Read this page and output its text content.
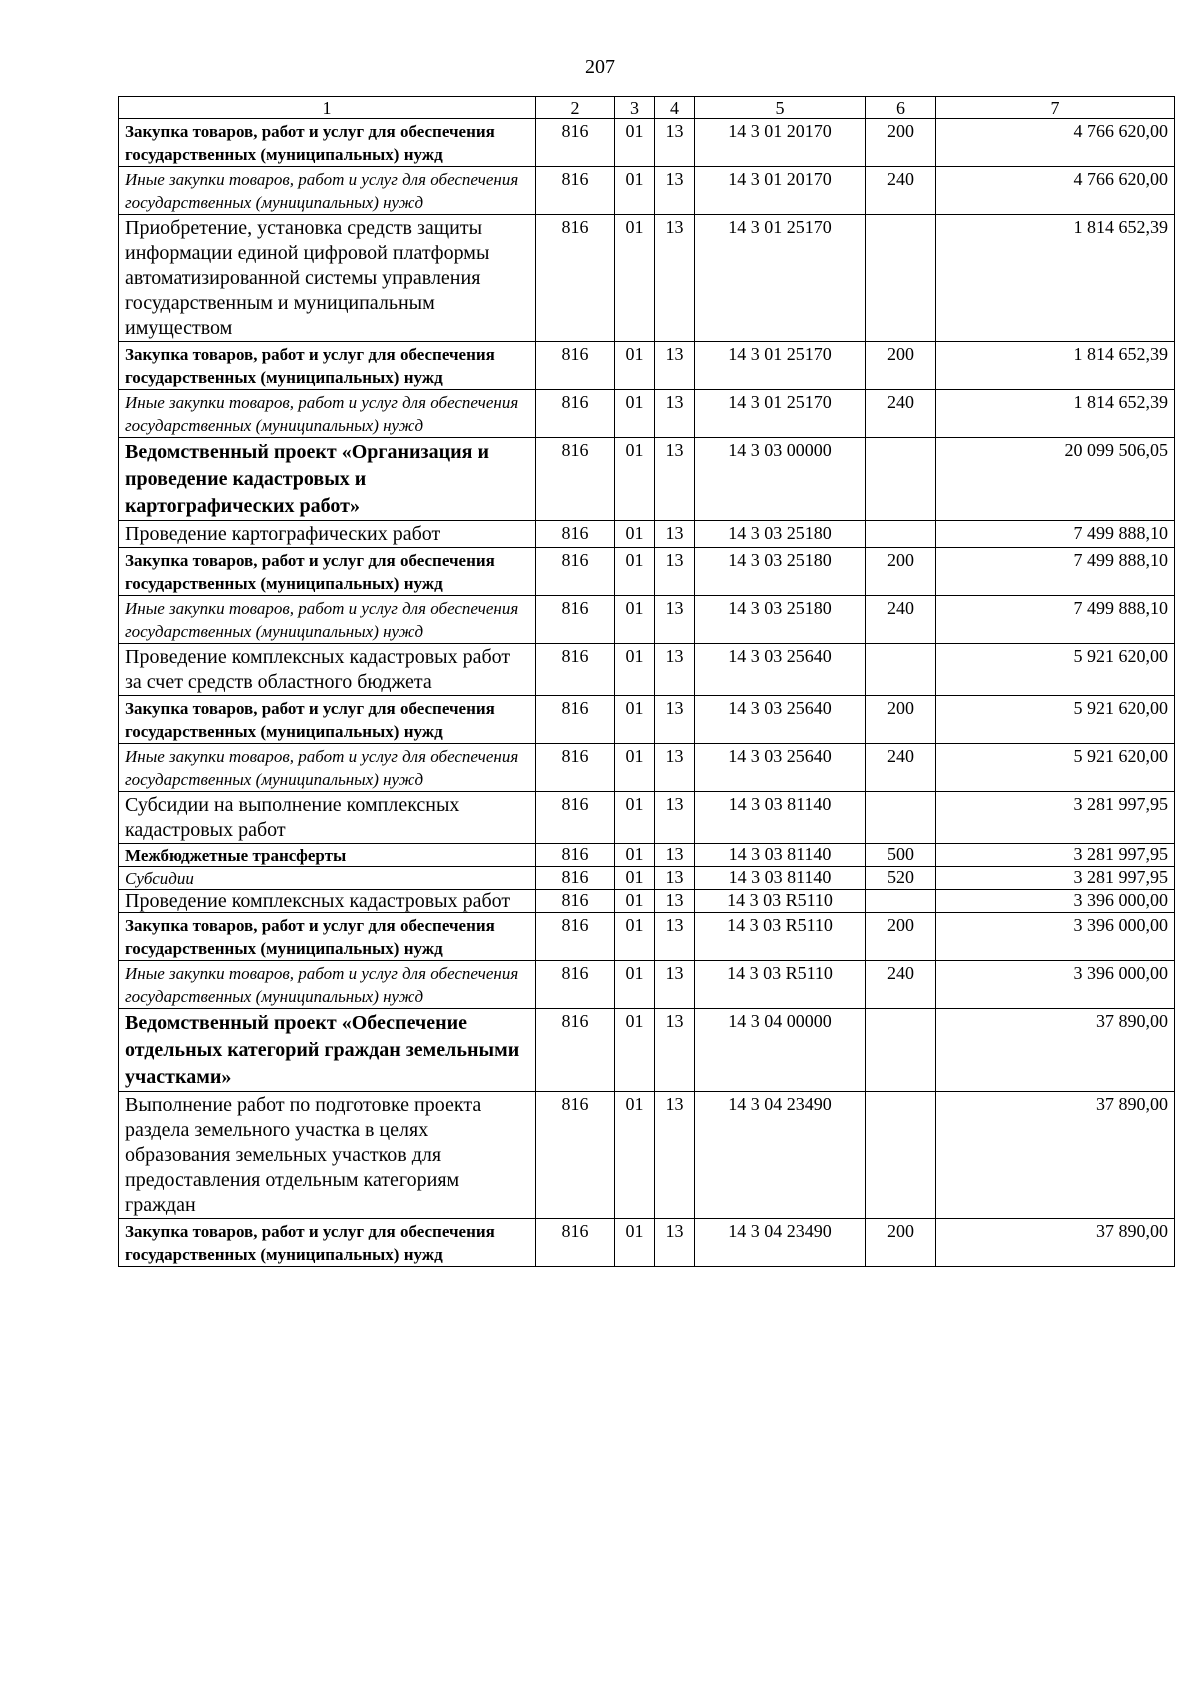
207
1	2	3	4	5	6	7
Закупка товаров, работ и услуг для обеспечения государственных (муниципальных) нужд	816	01	13	14 3 01 20170	200	4 766 620,00
Иные закупки товаров, работ и услуг для обеспечения государственных (муниципальных) нужд	816	01	13	14 3 01 20170	240	4 766 620,00
Приобретение, установка средств защиты информации единой цифровой платформы автоматизированной системы управления государственным и муниципальным имуществом	816	01	13	14 3 01 25170		1 814 652,39
Закупка товаров, работ и услуг для обеспечения государственных (муниципальных) нужд	816	01	13	14 3 01 25170	200	1 814 652,39
Иные закупки товаров, работ и услуг для обеспечения государственных (муниципальных) нужд	816	01	13	14 3 01 25170	240	1 814 652,39
Ведомственный проект «Организация и проведение кадастровых и картографических работ»	816	01	13	14 3 03 00000		20 099 506,05
Проведение картографических работ	816	01	13	14 3 03 25180		7 499 888,10
Закупка товаров, работ и услуг для обеспечения государственных (муниципальных) нужд	816	01	13	14 3 03 25180	200	7 499 888,10
Иные закупки товаров, работ и услуг для обеспечения государственных (муниципальных) нужд	816	01	13	14 3 03 25180	240	7 499 888,10
Проведение комплексных кадастровых работ за счет средств областного бюджета	816	01	13	14 3 03 25640		5 921 620,00
Закупка товаров, работ и услуг для обеспечения государственных (муниципальных) нужд	816	01	13	14 3 03 25640	200	5 921 620,00
Иные закупки товаров, работ и услуг для обеспечения государственных (муниципальных) нужд	816	01	13	14 3 03 25640	240	5 921 620,00
Субсидии на выполнение комплексных кадастровых работ	816	01	13	14 3 03 81140		3 281 997,95
Межбюджетные трансферты	816	01	13	14 3 03 81140	500	3 281 997,95
Субсидии	816	01	13	14 3 03 81140	520	3 281 997,95
Проведение комплексных кадастровых работ	816	01	13	14 3 03 R5110		3 396 000,00
Закупка товаров, работ и услуг для обеспечения государственных (муниципальных) нужд	816	01	13	14 3 03 R5110	200	3 396 000,00
Иные закупки товаров, работ и услуг для обеспечения государственных (муниципальных) нужд	816	01	13	14 3 03 R5110	240	3 396 000,00
Ведомственный проект «Обеспечение отдельных категорий граждан земельными участками»	816	01	13	14 3 04 00000		37 890,00
Выполнение работ по подготовке проекта раздела земельного участка в целях образования земельных участков для предоставления отдельным категориям граждан	816	01	13	14 3 04 23490		37 890,00
Закупка товаров, работ и услуг для обеспечения государственных (муниципальных) нужд	816	01	13	14 3 04 23490	200	37 890,00
